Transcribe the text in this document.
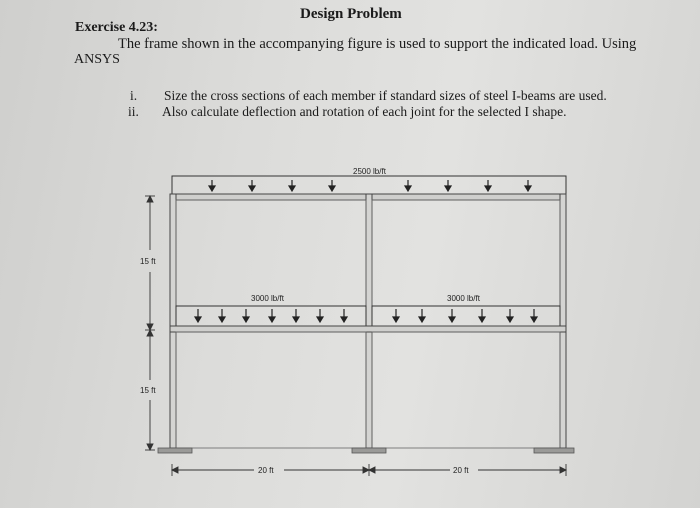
Design Problem
Exercise 4.23:
The frame shown in the accompanying figure is used to support the indicated load. Using
ANSYS
i. Size the cross sections of each member if standard sizes of steel I-beams are used.
ii. Also calculate deflection and rotation of each joint for the selected I shape.
2500 lb/ft
3000 lb/ft	3000 lb/ft
15 ft
15 ft
20 ft	20 ft
